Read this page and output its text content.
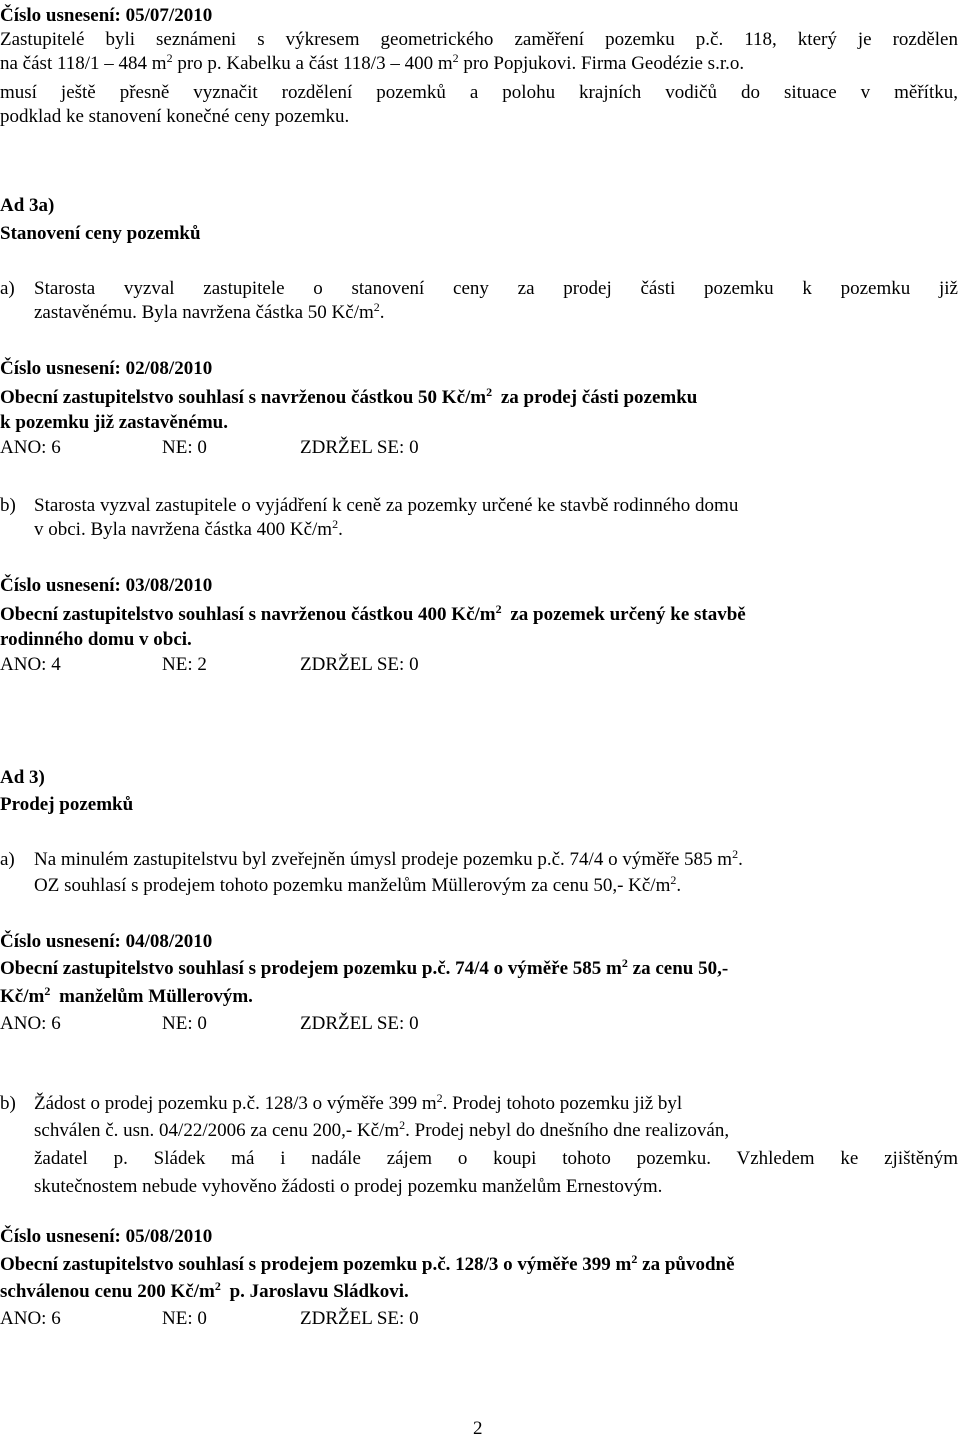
Číslo usnesení: 05/07/2010
Zastupitelé byli seznámeni s výkresem geometrického zaměření pozemku p.č. 118, který je rozdělen
na část 118/1 – 484 $m^2$ pro p. Kabelku a část 118/3 – 400 $m^2$ pro Popjukovi. Firma Geodézie s.r.o.
musí ještě přesně vyznačit rozdělení pozemků a polohu krajních vodičů do situace v měřítku,
podklad ke stanovení konečné ceny pozemku.
Ad 3a)
Stanovení ceny pozemků
a) Starosta vyzval zastupitele o stanovení ceny za prodej části pozemku k pozemku již
zastavěnému. Byla navržena částka 50 $Kč/m^2$.
Číslo usnesení: 02/08/2010
Obecní zastupitelstvo souhlasí s navrženou částkou 50 $Kč/m^2$ za prodej části pozemku
k pozemku již zastavěnému.
ANO: 6	NE: 0	ZDRŽEL SE: 0
b) Starosta vyzval zastupitele o vyjádření k ceně za pozemky určené ke stavbě rodinného domu
v obci. Byla navržena částka 400 $Kč/m^2$.
Číslo usnesení: 03/08/2010
Obecní zastupitelstvo souhlasí s navrženou částkou 400 $Kč/m^2$ za pozemek určený ke stavbě
rodinného domu v obci.
ANO: 4	NE: 2	ZDRŽEL SE: 0
Ad 3)
Prodej pozemků
a) Na minulém zastupitelstvu byl zveřejněn úmysl prodeje pozemku p.č. 74/4 o výměře 585 $m^2$.
OZ souhlasí s prodejem tohoto pozemku manželům Müllerovým za cenu 50,- $Kč/m^2$.
Číslo usnesení: 04/08/2010
Obecní zastupitelstvo souhlasí s prodejem pozemku p.č. 74/4 o výměře 585 $m^2$ za cenu 50,-
$Kč/m^2$ manželům Müllerovým.
ANO: 6	NE: 0	ZDRŽEL SE: 0
b) Žádost o prodej pozemku p.č. 128/3 o výměře 399 $m^2$. Prodej tohoto pozemku již byl
schválen č. usn. 04/22/2006 za cenu 200,- $Kč/m^2$. Prodej nebyl do dnešního dne realizován,
žadatel p. Sládek má i nadále zájem o koupi tohoto pozemku. Vzhledem ke zjištěným
skutečnostem nebude vyhověno žádosti o prodej pozemku manželům Ernestovým.
Číslo usnesení: 05/08/2010
Obecní zastupitelstvo souhlasí s prodejem pozemku p.č. 128/3 o výměře 399 $m^2$ za původně
schválenou cenu 200 $Kč/m^2$ p. Jaroslavu Sládkovi.
ANO: 6	NE: 0	ZDRŽEL SE: 0
2
